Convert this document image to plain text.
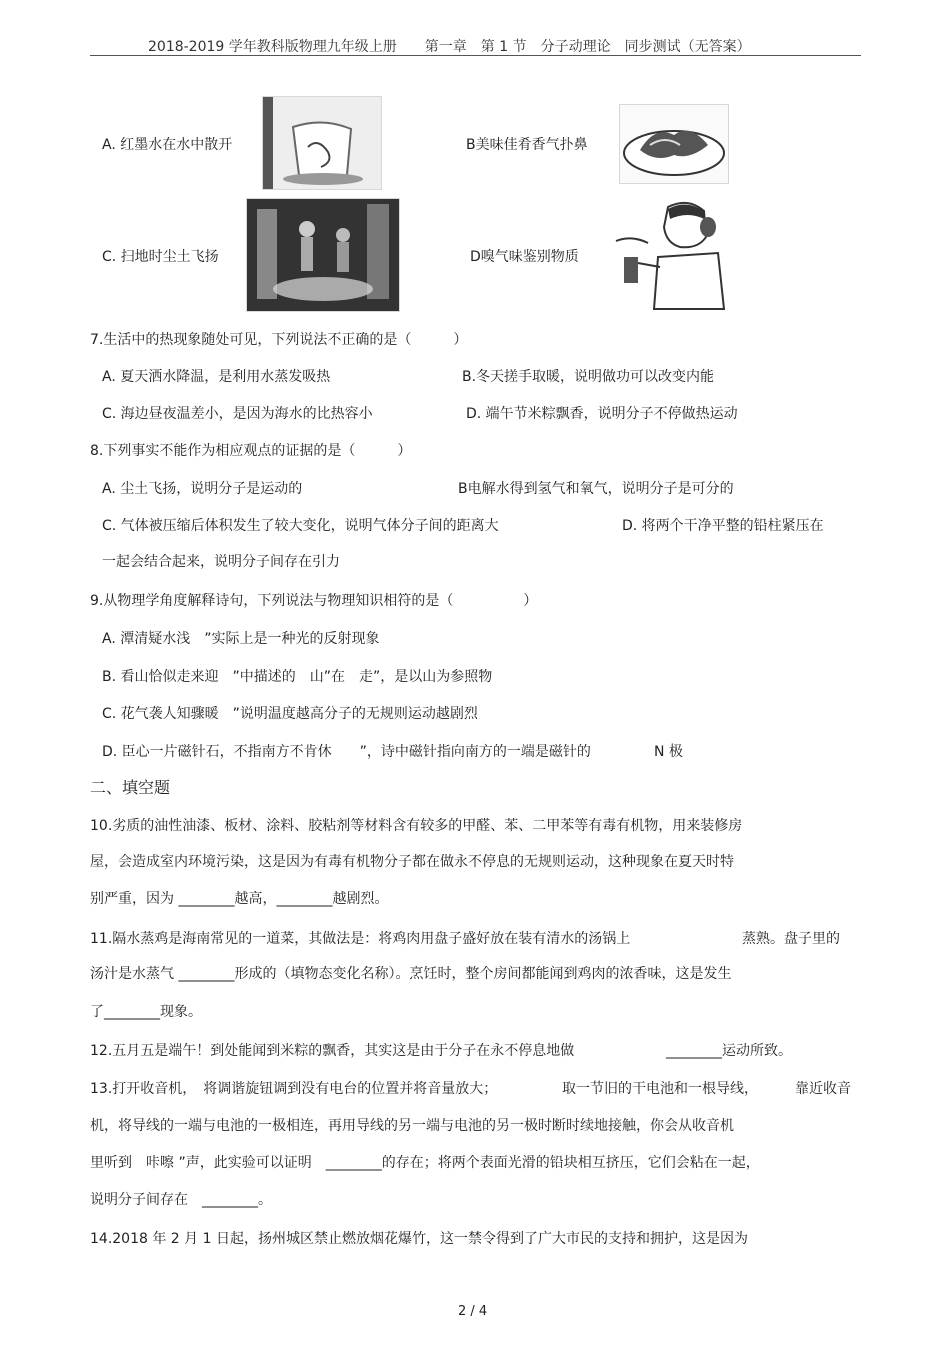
2018-2019 学年教科版物理九年级上册　　第一章　第 1 节　分子动理论　同步测试（无答案）
A. 红墨水在水中散开	B美味佳肴香气扑鼻
C. 扫地时尘土飞扬	D嗅气味鉴别物质
7.生活中的热现象随处可见，下列说法不正确的是（　　　）
A. 夏天洒水降温，是利用水蒸发吸热	B.冬天搓手取暖，说明做功可以改变内能
C. 海边昼夜温差小，是因为海水的比热容小	D. 端午节米粽飘香，说明分子不停做热运动
8.下列事实不能作为相应观点的证据的是（　　　）
A. 尘土飞扬，说明分子是运动的	B电解水得到氢气和氧气，说明分子是可分的
C. 气体被压缩后体积发生了较大变化，说明气体分子间的距离大	D. 将两个干净平整的铅柱紧压在
一起会结合起来，说明分子间存在引力
9.从物理学角度解释诗句，下列说法与物理知识相符的是（　　　　　）
A. 潭清疑水浅　”实际上是一种光的反射现象
B. 看山恰似走来迎　”中描述的　山”在　走”，是以山为参照物
C. 花气袭人知骤暖　”说明温度越高分子的无规则运动越剧烈
D. 臣心一片磁针石，不指南方不肯休　　”，诗中磁针指向南方的一端是磁针的	N 极
二、填空题
10.劣质的油性油漆、板材、涂料、胶粘剂等材料含有较多的甲醛、苯、二甲苯等有毒有机物，用来装修房
屋，会造成室内环境污染，这是因为有毒有机物分子都在做永不停息的无规则运动，这种现象在夏天时特
别严重，因为 ________越高，________越剧烈。
11.隔水蒸鸡是海南常见的一道菜，其做法是：将鸡肉用盘子盛好放在装有清水的汤锅上	蒸熟。盘子里的
汤汁是水蒸气 ________形成的（填物态变化名称）。烹饪时，整个房间都能闻到鸡肉的浓香味，这是发生
了________现象。
12.五月五是端午！到处能闻到米粽的飘香，其实这是由于分子在永不停息地做	________运动所致。
13.打开收音机，　将调谐旋钮调到没有电台的位置并将音量放大；	取一节旧的干电池和一根导线，	靠近收音
机，将导线的一端与电池的一极相连，再用导线的另一端与电池的另一极时断时续地接触，你会从收音机
里听到　咔嚓 ”声，此实验可以证明　________的存在；将两个表面光滑的铅块相互挤压，它们会粘在一起，
说明分子间存在　________。
14.2018 年 2 月 1 日起，扬州城区禁止燃放烟花爆竹，这一禁令得到了广大市民的支持和拥护，这是因为
2 / 4
